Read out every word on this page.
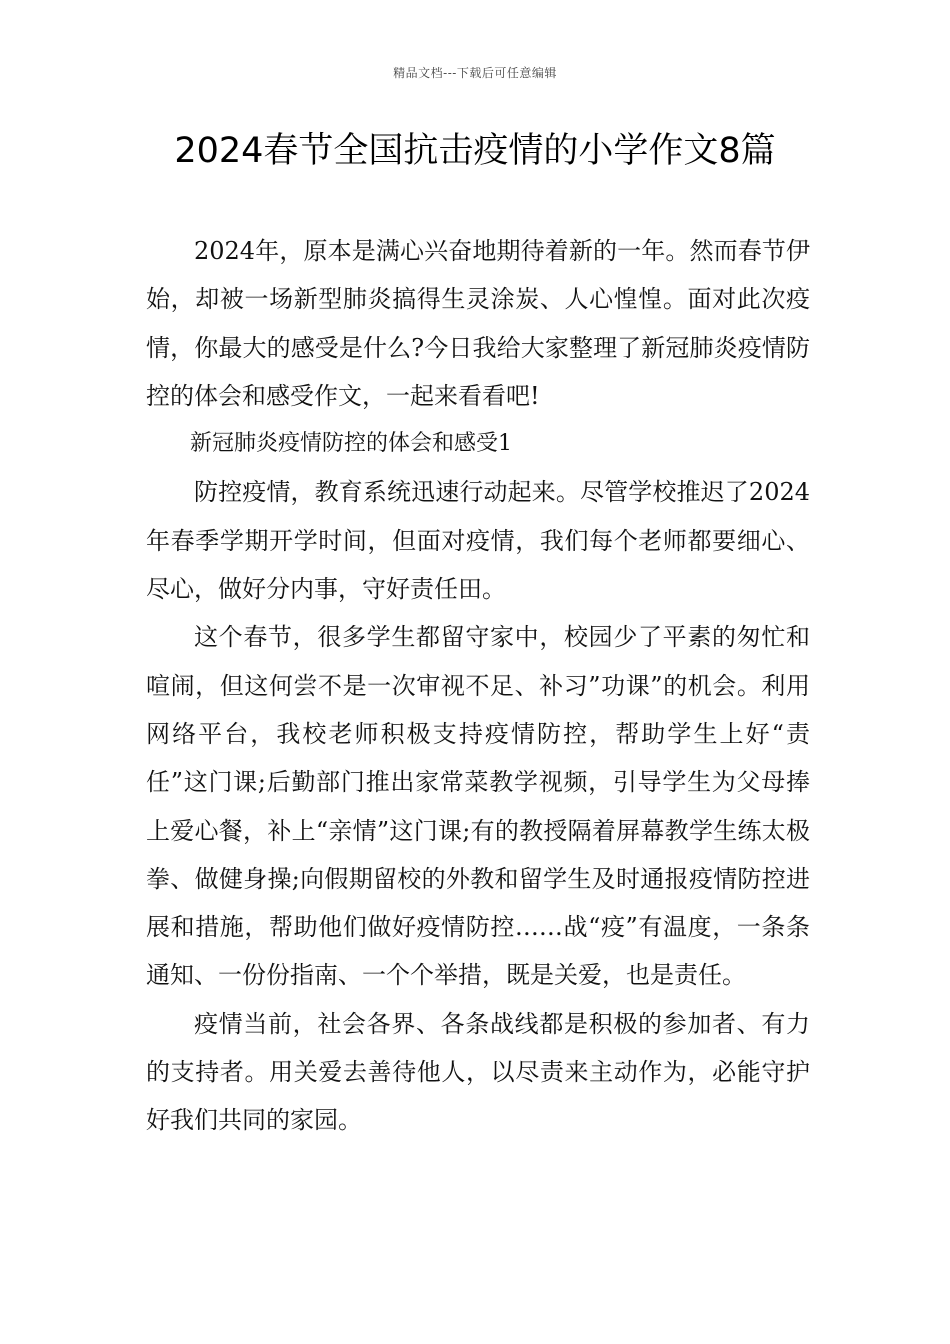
精品文档---下载后可任意编辑
2024春节全国抗击疫情的小学作文8篇

2024年，原本是满心兴奋地期待着新的一年。然而春节伊始，却被一场新型肺炎搞得生灵涂炭、人心惶惶。面对此次疫情，你最大的感受是什么?今日我给大家整理了新冠肺炎疫情防控的体会和感受作文，一起来看看吧!

新冠肺炎疫情防控的体会和感受1

防控疫情，教育系统迅速行动起来。尽管学校推迟了2024年春季学期开学时间，但面对疫情，我们每个老师都要细心、尽心，做好分内事，守好责任田。

这个春节，很多学生都留守家中，校园少了平素的匆忙和喧闹，但这何尝不是一次审视不足、补习”功课”的机会。利用网络平台，我校老师积极支持疫情防控，帮助学生上好“责任”这门课;后勤部门推出家常菜教学视频，引导学生为父母捧上爱心餐，补上“亲情”这门课;有的教授隔着屏幕教学生练太极拳、做健身操;向假期留校的外教和留学生及时通报疫情防控进展和措施，帮助他们做好疫情防控……战“疫”有温度，一条条通知、一份份指南、一个个举措，既是关爱，也是责任。

疫情当前，社会各界、各条战线都是积极的参加者、有力的支持者。用关爱去善待他人，以尽责来主动作为，必能守护好我们共同的家园。
